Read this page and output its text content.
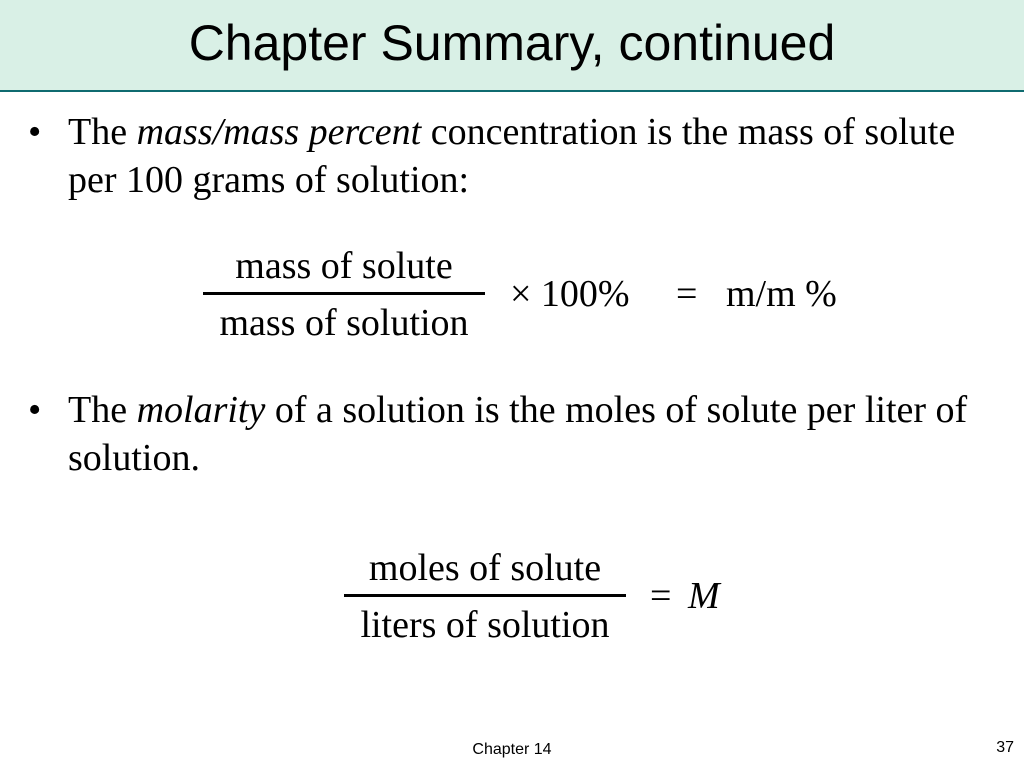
Chapter Summary, continued
• The mass/mass percent concentration is the mass of solute per 100 grams of solution:
mass of solute
mass of solution
× 100% = m/m %
• The molarity of a solution is the moles of solute per liter of solution.
moles of solute
liters of solution
= M
Chapter 14	37
